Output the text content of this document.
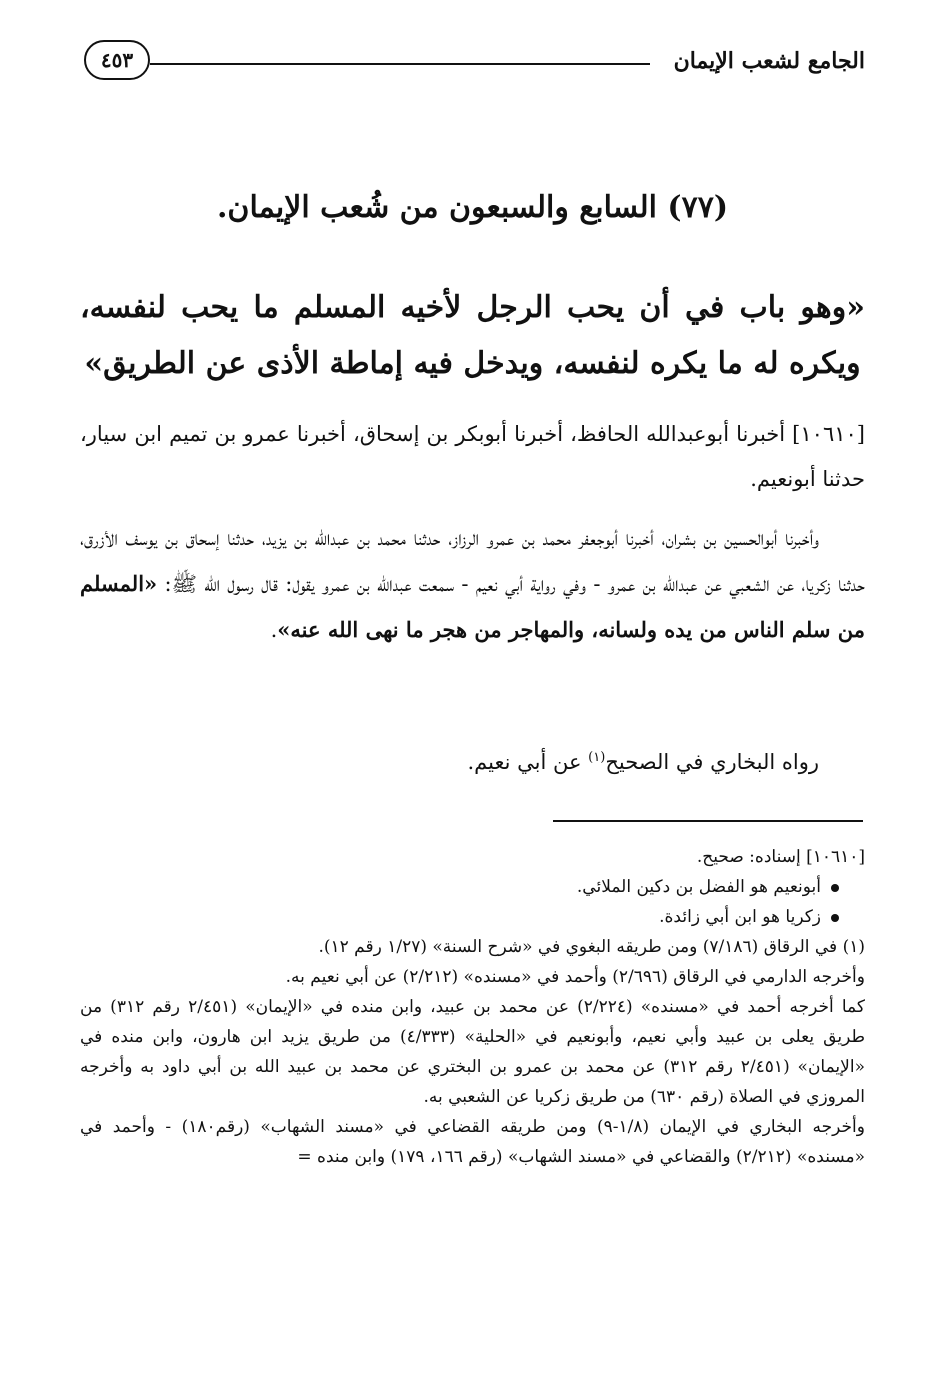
الجامع لشعب الإيمان
٤٥٣
(٧٧) السابع والسبعون من شُعب الإيمان.
«وهو باب في أن يحب الرجل لأخيه المسلم ما يحب لنفسه، ويكره له ما يكره لنفسه، ويدخل فيه إماطة الأذى عن الطريق»
[١٠٦١٠] أخبرنا أبوعبدالله الحافظ، أخبرنا أبوبكر بن إسحاق، أخبرنا عمرو بن تميم ابن سيار، حدثنا أبونعيم.
وأخبرنا أبوالحسين بن بشران، أخبرنا أبوجعفر محمد بن عمرو الرزاز، حدثنا محمد بن عبدالله بن يزيد، حدثنا إسحاق بن يوسف الأزرق، حدثنا زكريا، عن الشعبي عن عبدالله بن عمرو - وفي رواية أبي نعيم - سمعت عبدالله بن عمرو يقول: قال رسول الله ﷺ: «المسلم من سلم الناس من يده ولسانه، والمهاجر من هجر ما نهى الله عنه».
رواه البخاري في الصحيح$^{(١)}$ عن أبي نعيم.

[١٠٦١٠] إسناده: صحيح.

أبونعيم هو الفضل بن دكين الملائي.

زكريا هو ابن أبي زائدة.

(١) في الرقاق (٧/١٨٦) ومن طريقه البغوي في «شرح السنة» (١/٢٧ رقم ١٢).

وأخرجه الدارمي في الرقاق (٢/٦٩٦) وأحمد في «مسنده» (٢/٢١٢) عن أبي نعيم به.

كما أخرجه أحمد في «مسنده» (٢/٢٢٤) عن محمد بن عبيد، وابن منده في «الإيمان» (٢/٤٥١ رقم ٣١٢) من طريق يعلى بن عبيد وأبي نعيم، وأبونعيم في «الحلية» (٤/٣٣٣) من طريق يزيد ابن هارون، وابن منده في «الإيمان» (٢/٤٥١ رقم ٣١٢) عن محمد بن عمرو بن البختري عن محمد بن عبيد الله بن أبي داود به وأخرجه المروزي في الصلاة (رقم ٦٣٠) من طريق زكريا عن الشعبي به.

وأخرجه البخاري في الإيمان (١/٨-٩) ومن طريقه القضاعي في «مسند الشهاب» (رقم١٨٠) - وأحمد في «مسنده» (٢/٢١٢) والقضاعي في «مسند الشهاب» (رقم ١٦٦، ١٧٩) وابن منده =
